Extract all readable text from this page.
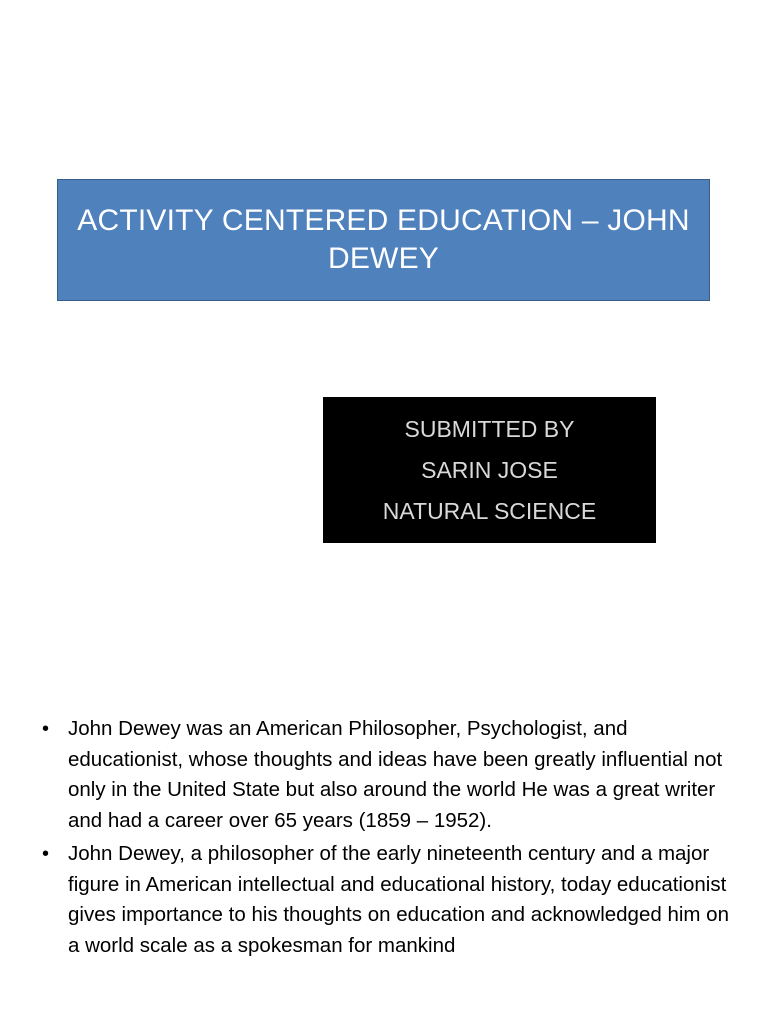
ACTIVITY CENTERED EDUCATION – JOHN DEWEY
SUBMITTED BY
SARIN JOSE
NATURAL SCIENCE
• John Dewey was an American Philosopher, Psychologist, and educationist, whose thoughts and ideas have been greatly influential not only in the United State but also around the world He was a great writer and had a career over 65 years (1859 – 1952).
• John Dewey, a philosopher of the early nineteenth century and a major figure in American intellectual and educational history, today educationist gives importance to his thoughts on education and acknowledged him on a world scale as a spokesman for mankind
